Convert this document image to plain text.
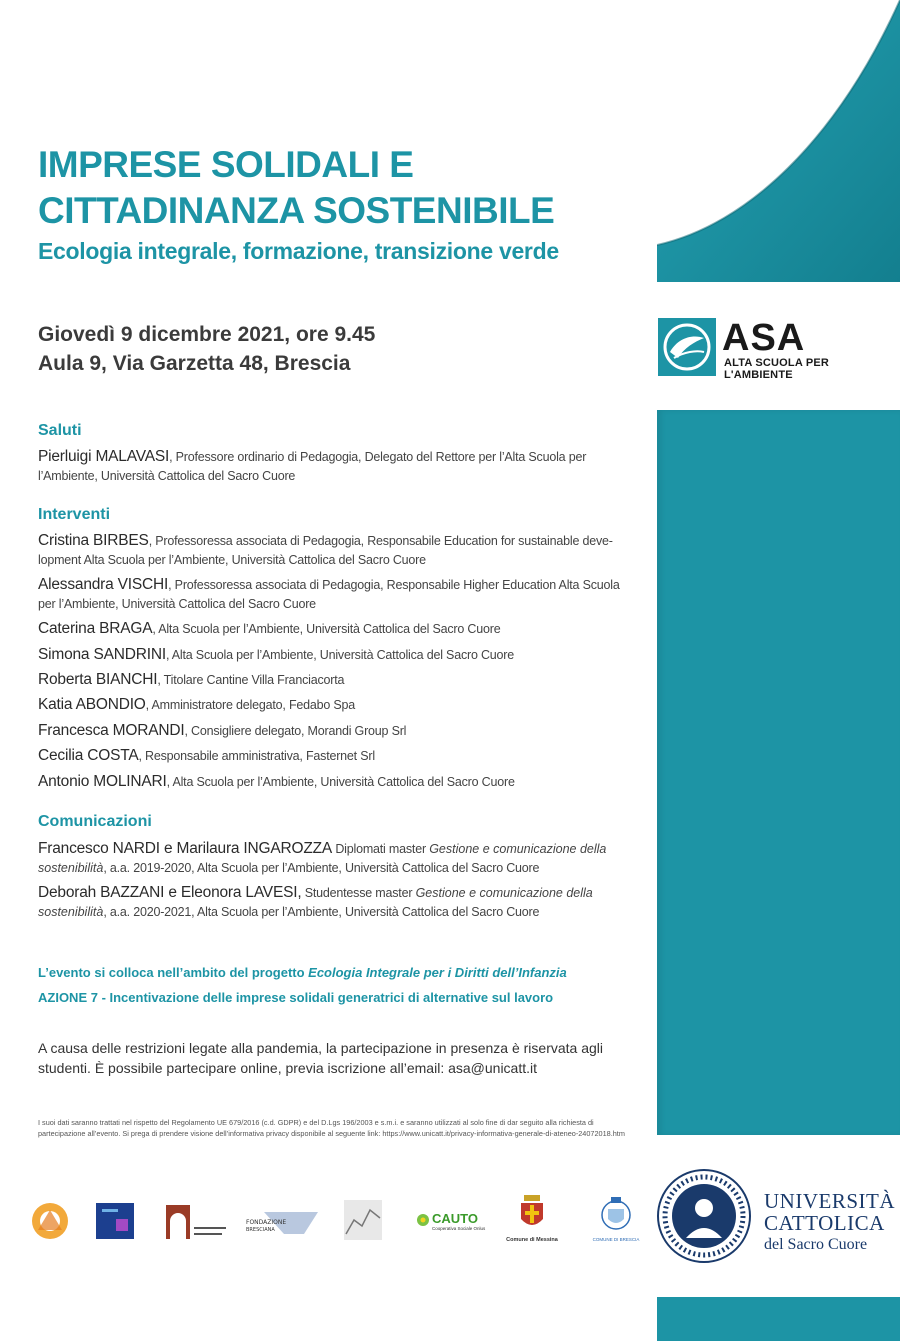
ASA
ALTA SCUOLA PER L'AMBIENTE
IMPRESE SOLIDALI E
CITTADINANZA SOSTENIBILE
Ecologia integrale, formazione, transizione verde
Giovedì 9 dicembre 2021, ore 9.45
Aula 9, Via Garzetta 48, Brescia
Saluti
Pierluigi MALAVASI, Professore ordinario di Pedagogia, Delegato del Rettore per l’Alta Scuola per l’Ambiente, Università Cattolica del Sacro Cuore
Interventi
Cristina BIRBES, Professoressa associata di Pedagogia, Responsabile Education for sustainable deve-lopment Alta Scuola per l’Ambiente, Università Cattolica del Sacro Cuore
Alessandra VISCHI, Professoressa associata di Pedagogia, Responsabile Higher Education Alta Scuola per l’Ambiente, Università Cattolica del Sacro Cuore
Caterina BRAGA, Alta Scuola per l’Ambiente, Università Cattolica del Sacro Cuore
Simona SANDRINI, Alta Scuola per l’Ambiente, Università Cattolica del Sacro Cuore
Roberta BIANCHI, Titolare Cantine Villa Franciacorta
Katia ABONDIO, Amministratore delegato, Fedabo Spa
Francesca MORANDI, Consigliere delegato, Morandi Group Srl
Cecilia COSTA, Responsabile amministrativa, Fasternet Srl
Antonio MOLINARI, Alta Scuola per l’Ambiente, Università Cattolica del Sacro Cuore
Comunicazioni
Francesco NARDI e Marilaura INGAROZZA Diplomati master Gestione e comunicazione della sostenibilità, a.a. 2019-2020, Alta Scuola per l’Ambiente, Università Cattolica del Sacro Cuore
Deborah BAZZANI e Eleonora LAVESI, Studentesse master Gestione e comunicazione della sostenibilità, a.a. 2020-2021, Alta Scuola per l’Ambiente, Università Cattolica del Sacro Cuore
L’evento si colloca nell’ambito del progetto Ecologia Integrale per i Diritti dell’Infanzia
AZIONE 7 - Incentivazione delle imprese solidali generatrici di alternative sul lavoro
A causa delle restrizioni legate alla pandemia, la partecipazione in presenza è riservata agli studenti. È possibile partecipare online, previa iscrizione all’email: asa@unicatt.it
I suoi dati saranno trattati nel rispetto del Regolamento UE 679/2016 (c.d. GDPR) e del D.Lgs 196/2003 e s.m.i. e saranno utilizzati al solo fine di dar seguito alla richiesta di partecipazione all’evento. Si prega di prendere visione dell’informativa privacy disponibile al seguente link: https://www.unicatt.it/privacy-informativa-generale-di-ateneo-24072018.htm
FONDAZIONE
BRESCIANA
CAUTO
Cooperativa Sociale Onlus
Comune di Messina	COMUNE DI BRESCIA
UNIVERSITÀ
CATTOLICA
del Sacro Cuore
